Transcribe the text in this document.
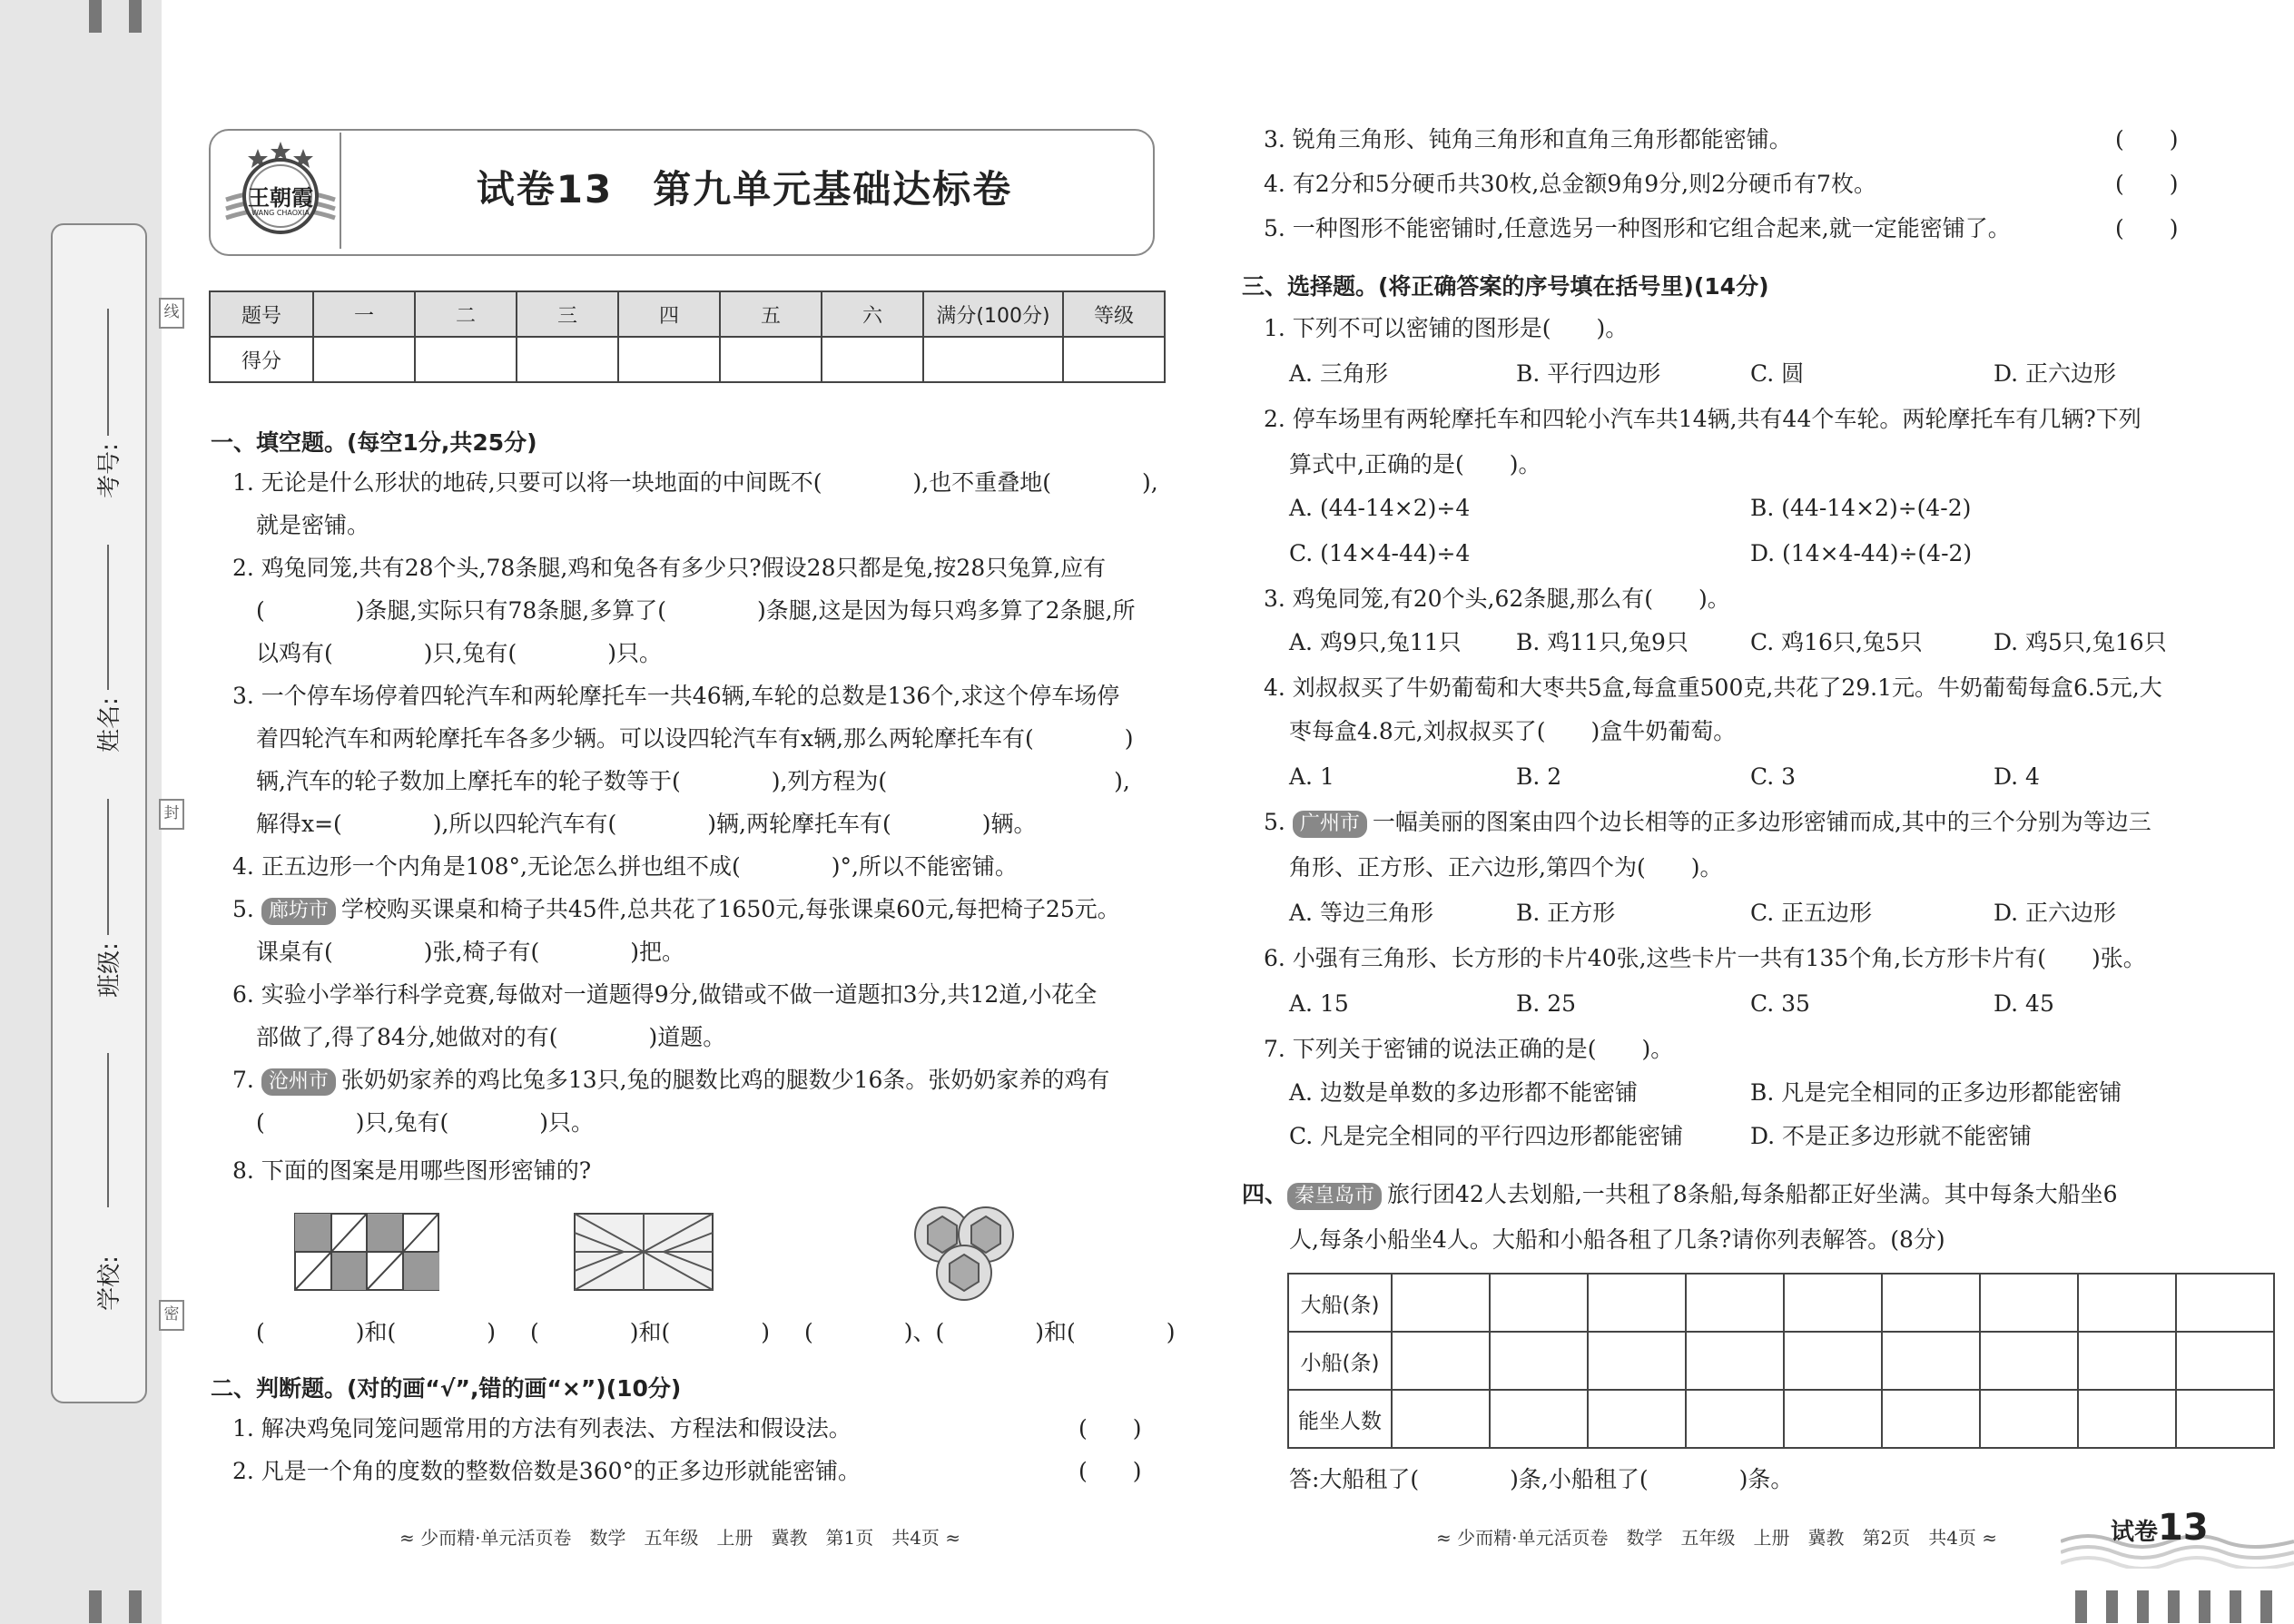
考号:
姓名:
班级:
学校:
线
封
密
王朝霞
WANG CHAOXIA
试卷13　第九单元基础达标卷
题号	一	二	三	四	五	六	满分(100分)	等级
得分								
一、填空题。(每空1分,共25分)
1. 无论是什么形状的地砖,只要可以将一块地面的中间既不(　　　　),也不重叠地(　　　　),
就是密铺。
2. 鸡兔同笼,共有28个头,78条腿,鸡和兔各有多少只?假设28只都是兔,按28只兔算,应有
(　　　　)条腿,实际只有78条腿,多算了(　　　　)条腿,这是因为每只鸡多算了2条腿,所
以鸡有(　　　　)只,兔有(　　　　)只。
3. 一个停车场停着四轮汽车和两轮摩托车一共46辆,车轮的总数是136个,求这个停车场停
着四轮汽车和两轮摩托车各多少辆。可以设四轮汽车有x辆,那么两轮摩托车有(　　　　)
辆,汽车的轮子数加上摩托车的轮子数等于(　　　　),列方程为(　　　　　　　　　　),
解得x=(　　　　),所以四轮汽车有(　　　　)辆,两轮摩托车有(　　　　)辆。
4. 正五边形一个内角是108°,无论怎么拼也组不成(　　　　)°,所以不能密铺。
5. 廊坊市 学校购买课桌和椅子共45件,总共花了1650元,每张课桌60元,每把椅子25元。
课桌有(　　　　)张,椅子有(　　　　)把。
6. 实验小学举行科学竞赛,每做对一道题得9分,做错或不做一道题扣3分,共12道,小花全
部做了,得了84分,她做对的有(　　　　)道题。
7. 沧州市 张奶奶家养的鸡比兔多13只,兔的腿数比鸡的腿数少16条。张奶奶家养的鸡有
(　　　　)只,兔有(　　　　)只。
8. 下面的图案是用哪些图形密铺的?
(　　　　)和(　　　　) (　　　　)和(　　　　) (　　　　)、(　　　　)和(　　　　)
二、判断题。(对的画“√”,错的画“×”)(10分)
1. 解决鸡兔同笼问题常用的方法有列表法、方程法和假设法。	(　　)
2. 凡是一个角的度数的整数倍数是360°的正多边形就能密铺。	(　　)
≈ 少而精·单元活页卷　数学　五年级　上册　冀教　第1页　共4页 ≈
3. 锐角三角形、钝角三角形和直角三角形都能密铺。	(　　)
4. 有2分和5分硬币共30枚,总金额9角9分,则2分硬币有7枚。	(　　)
5. 一种图形不能密铺时,任意选另一种图形和它组合起来,就一定能密铺了。	(　　)
三、选择题。(将正确答案的序号填在括号里)(14分)
1. 下列不可以密铺的图形是(　　)。
A. 三角形	B. 平行四边形	C. 圆	D. 正六边形
2. 停车场里有两轮摩托车和四轮小汽车共14辆,共有44个车轮。两轮摩托车有几辆?下列
算式中,正确的是(　　)。
A. (44-14×2)÷4	B. (44-14×2)÷(4-2)
C. (14×4-44)÷4	D. (14×4-44)÷(4-2)
3. 鸡兔同笼,有20个头,62条腿,那么有(　　)。
A. 鸡9只,兔11只 B. 鸡11只,兔9只	C. 鸡16只,兔5只	D. 鸡5只,兔16只
4. 刘叔叔买了牛奶葡萄和大枣共5盒,每盒重500克,共花了29.1元。牛奶葡萄每盒6.5元,大
枣每盒4.8元,刘叔叔买了(　　)盒牛奶葡萄。
A. 1	B. 2	C. 3	D. 4
5. 广州市 一幅美丽的图案由四个边长相等的正多边形密铺而成,其中的三个分别为等边三
角形、正方形、正六边形,第四个为(　　)。
A. 等边三角形	B. 正方形	C. 正五边形	D. 正六边形
6. 小强有三角形、长方形的卡片40张,这些卡片一共有135个角,长方形卡片有(　　)张。
A. 15	B. 25	C. 35	D. 45
7. 下列关于密铺的说法正确的是(　　)。
A. 边数是单数的多边形都不能密铺	B. 凡是完全相同的正多边形都能密铺
C. 凡是完全相同的平行四边形都能密铺	D. 不是正多边形就不能密铺
四、 秦皇岛市 旅行团42人去划船,一共租了8条船,每条船都正好坐满。其中每条大船坐6
人,每条小船坐4人。大船和小船各租了几条?请你列表解答。(8分)
大船(条)									
小船(条)									
能坐人数									
答:大船租了(　　　　)条,小船租了(　　　　)条。
≈ 少而精·单元活页卷　数学　五年级　上册　冀教　第2页　共4页 ≈	试卷13
